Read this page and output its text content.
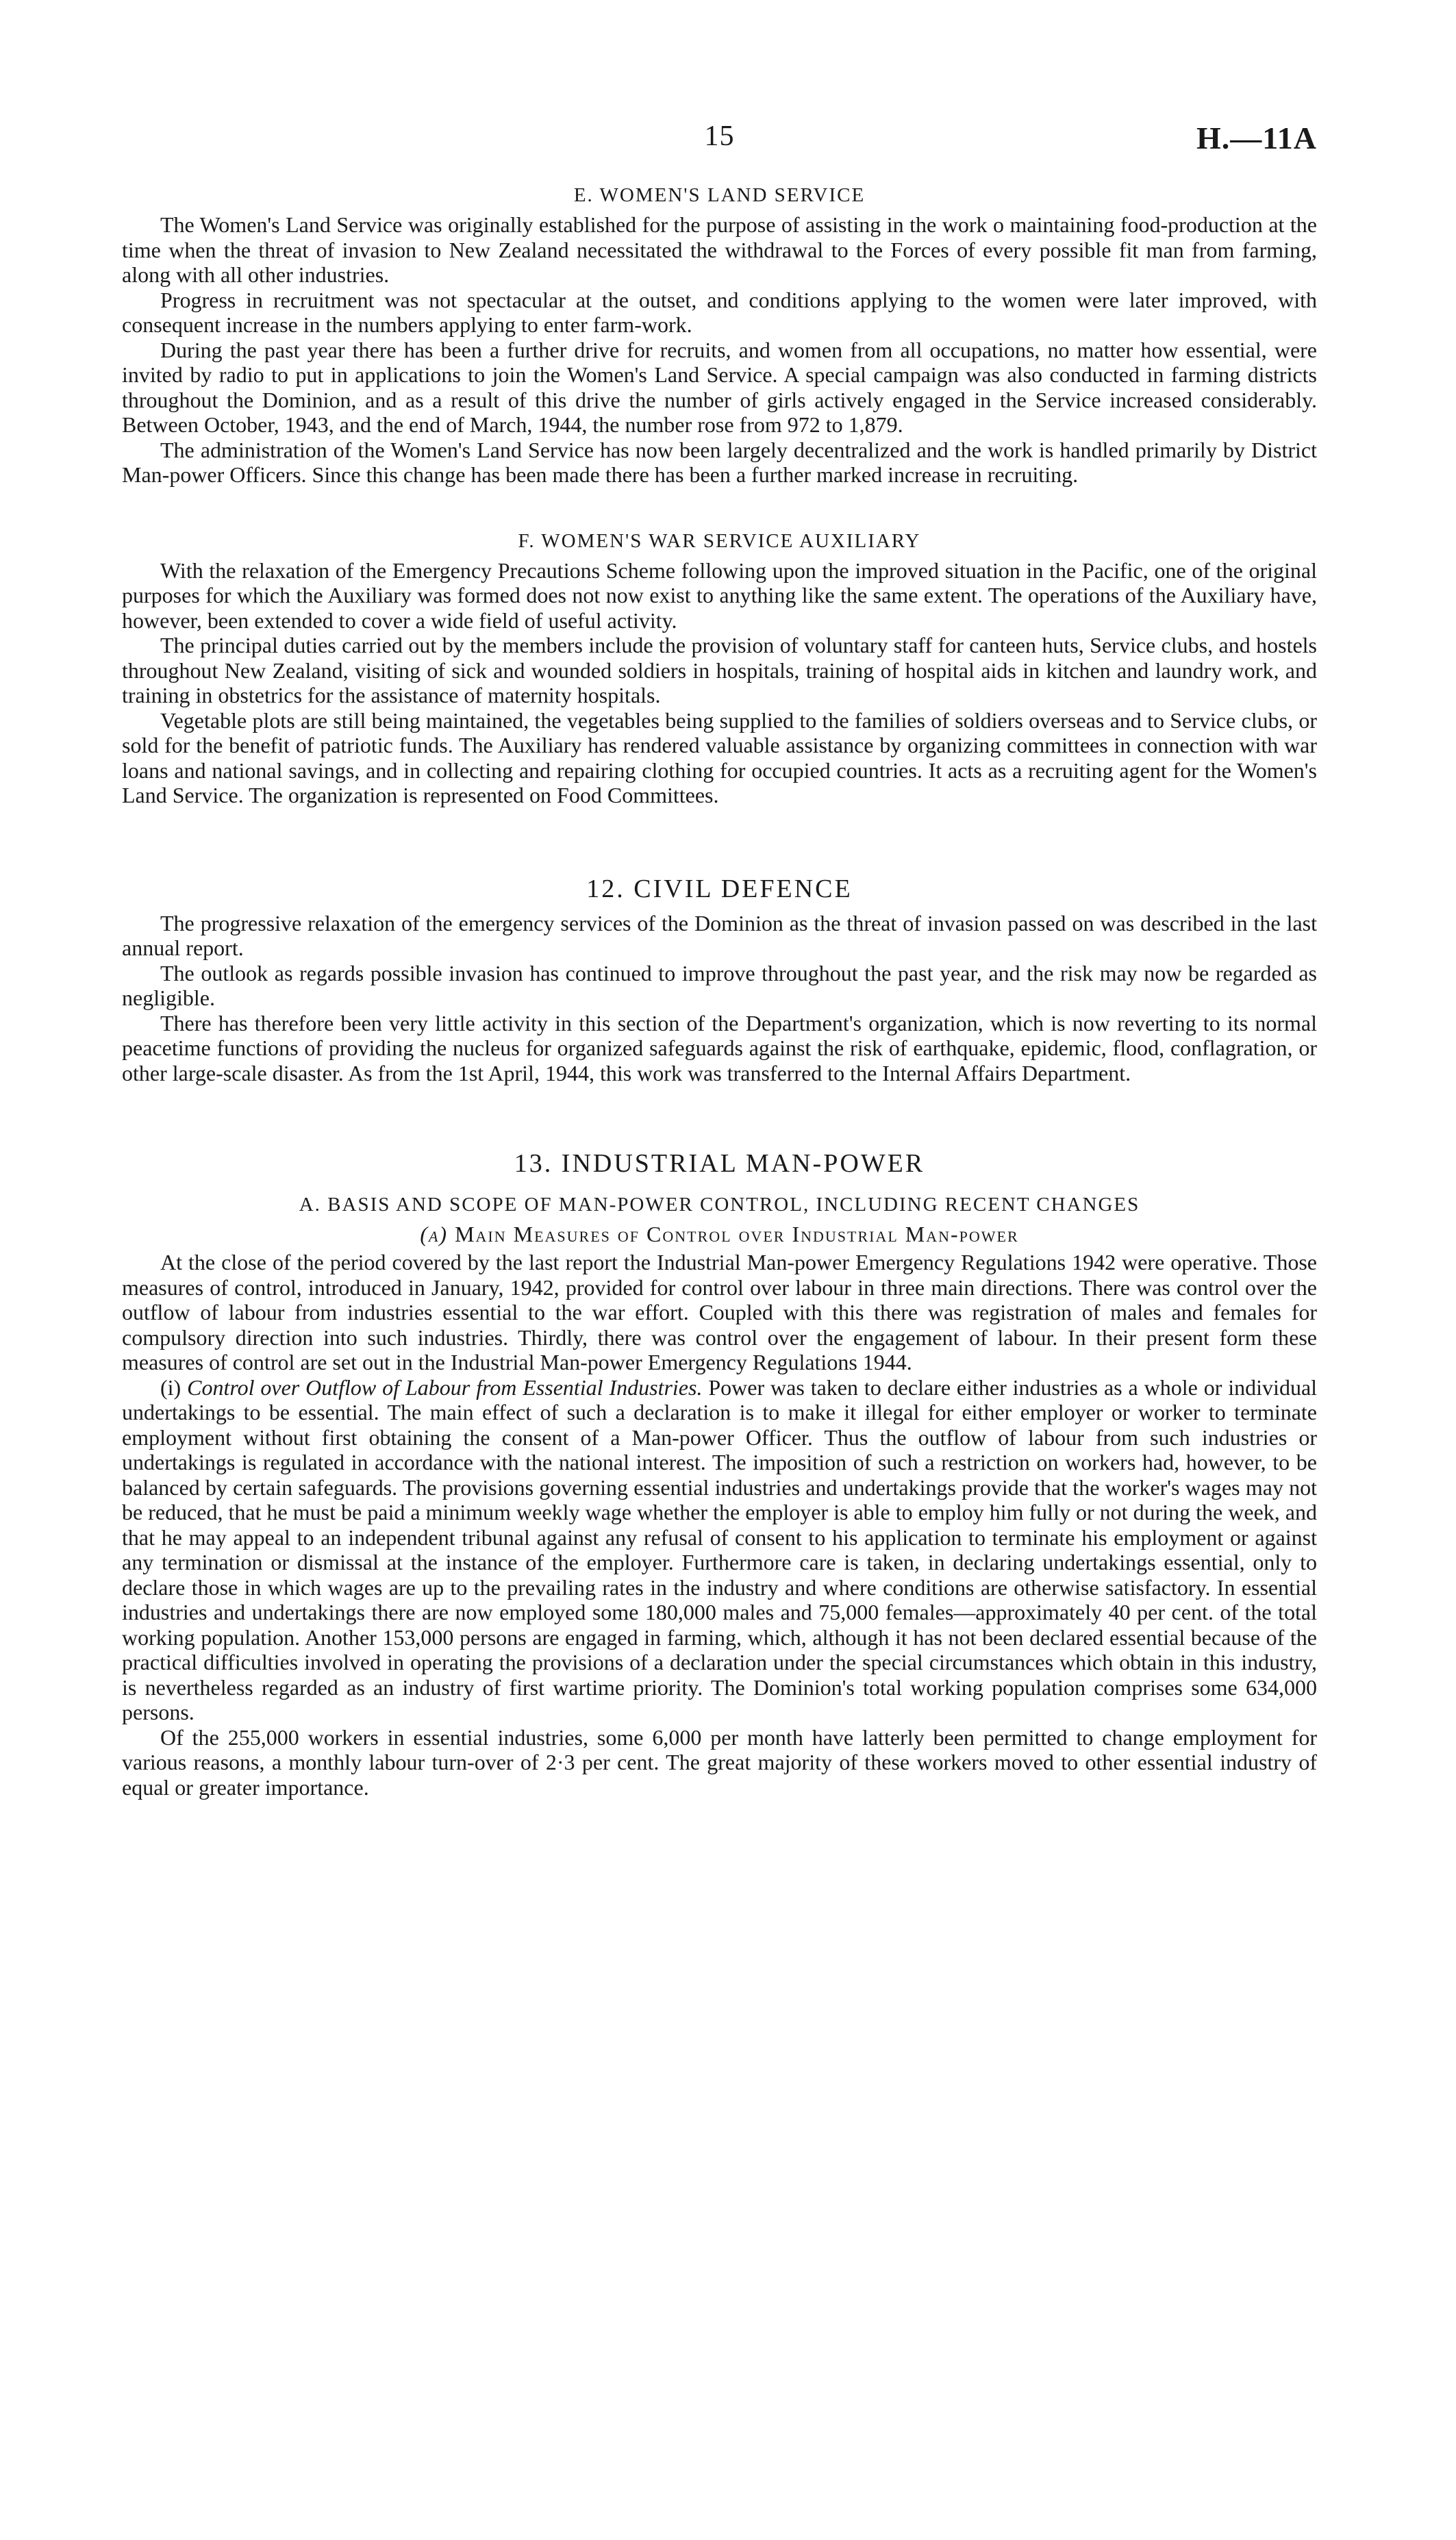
15	H.—11A
E. WOMEN'S LAND SERVICE

The Women's Land Service was originally established for the purpose of assisting in the work o maintaining food-production at the time when the threat of invasion to New Zealand necessitated the withdrawal to the Forces of every possible fit man from farming, along with all other industries.

Progress in recruitment was not spectacular at the outset, and conditions applying to the women were later improved, with consequent increase in the numbers applying to enter farm-work.

During the past year there has been a further drive for recruits, and women from all occupations, no matter how essential, were invited by radio to put in applications to join the Women's Land Service. A special campaign was also conducted in farming districts throughout the Dominion, and as a result of this drive the number of girls actively engaged in the Service increased considerably. Between October, 1943, and the end of March, 1944, the number rose from 972 to 1,879.

The administration of the Women's Land Service has now been largely decentralized and the work is handled primarily by District Man-power Officers. Since this change has been made there has been a further marked increase in recruiting.

F. WOMEN'S WAR SERVICE AUXILIARY

With the relaxation of the Emergency Precautions Scheme following upon the improved situation in the Pacific, one of the original purposes for which the Auxiliary was formed does not now exist to anything like the same extent. The operations of the Auxiliary have, however, been extended to cover a wide field of useful activity.

The principal duties carried out by the members include the provision of voluntary staff for canteen huts, Service clubs, and hostels throughout New Zealand, visiting of sick and wounded soldiers in hospitals, training of hospital aids in kitchen and laundry work, and training in obstetrics for the assistance of maternity hospitals.

Vegetable plots are still being maintained, the vegetables being supplied to the families of soldiers overseas and to Service clubs, or sold for the benefit of patriotic funds. The Auxiliary has rendered valuable assistance by organizing committees in connection with war loans and national savings, and in collecting and repairing clothing for occupied countries. It acts as a recruiting agent for the Women's Land Service. The organization is represented on Food Committees.

12. CIVIL DEFENCE

The progressive relaxation of the emergency services of the Dominion as the threat of invasion passed on was described in the last annual report.

The outlook as regards possible invasion has continued to improve throughout the past year, and the risk may now be regarded as negligible.

There has therefore been very little activity in this section of the Department's organization, which is now reverting to its normal peacetime functions of providing the nucleus for organized safeguards against the risk of earthquake, epidemic, flood, conflagration, or other large-scale disaster. As from the 1st April, 1944, this work was transferred to the Internal Affairs Department.

13. INDUSTRIAL MAN-POWER
A. BASIS AND SCOPE OF MAN-POWER CONTROL, INCLUDING RECENT CHANGES
(a) Main Measures of Control over Industrial Man-power

At the close of the period covered by the last report the Industrial Man-power Emergency Regulations 1942 were operative. Those measures of control, introduced in January, 1942, provided for control over labour in three main directions. There was control over the outflow of labour from industries essential to the war effort. Coupled with this there was registration of males and females for compulsory direction into such industries. Thirdly, there was control over the engagement of labour. In their present form these measures of control are set out in the Industrial Man-power Emergency Regulations 1944.

(i) Control over Outflow of Labour from Essential Industries. Power was taken to declare either industries as a whole or individual undertakings to be essential. The main effect of such a declaration is to make it illegal for either employer or worker to terminate employment without first obtaining the consent of a Man-power Officer. Thus the outflow of labour from such industries or undertakings is regulated in accordance with the national interest. The imposition of such a restriction on workers had, however, to be balanced by certain safeguards. The provisions governing essential industries and undertakings provide that the worker's wages may not be reduced, that he must be paid a minimum weekly wage whether the employer is able to employ him fully or not during the week, and that he may appeal to an independent tribunal against any refusal of consent to his application to terminate his employment or against any termination or dismissal at the instance of the employer. Furthermore care is taken, in declaring undertakings essential, only to declare those in which wages are up to the prevailing rates in the industry and where conditions are otherwise satisfactory. In essential industries and undertakings there are now employed some 180,000 males and 75,000 females—approximately 40 per cent. of the total working population. Another 153,000 persons are engaged in farming, which, although it has not been declared essential because of the practical difficulties involved in operating the provisions of a declaration under the special circumstances which obtain in this industry, is nevertheless regarded as an industry of first wartime priority. The Dominion's total working population comprises some 634,000 persons.

Of the 255,000 workers in essential industries, some 6,000 per month have latterly been permitted to change employment for various reasons, a monthly labour turn-over of 2·3 per cent. The great majority of these workers moved to other essential industry of equal or greater importance.
